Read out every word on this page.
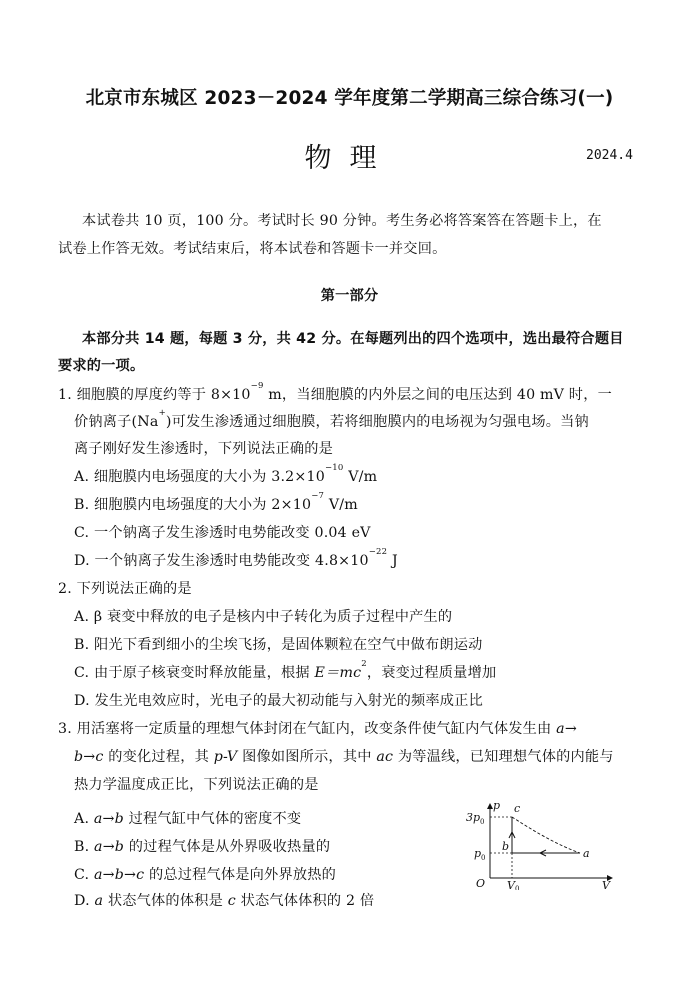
北京市东城区 2023－2024 学年度第二学期高三综合练习(一)
物理	2024.4
本试卷共 10 页，100 分。考试时长 90 分钟。考生务必将答案答在答题卡上，在
试卷上作答无效。考试结束后，将本试卷和答题卡一并交回。
第一部分
本部分共 14 题，每题 3 分，共 42 分。在每题列出的四个选项中，选出最符合题目
要求的一项。
1. 细胞膜的厚度约等于 $8\times 10^{-9}$ m，当细胞膜的内外层之间的电压达到 40 mV 时，一
价钠离子(Na+)可发生渗透通过细胞膜，若将细胞膜内的电场视为匀强电场。当钠
离子刚好发生渗透时，下列说法正确的是
A. 细胞膜内电场强度的大小为 $3.2\times 10^{-10}$ V/m
B. 细胞膜内电场强度的大小为 $2\times 10^{-7}$ V/m
C. 一个钠离子发生渗透时电势能改变 0.04 eV
D. 一个钠离子发生渗透时电势能改变 $4.8\times 10^{-22}$ J
2. 下列说法正确的是
A. β 衰变中释放的电子是核内中子转化为质子过程中产生的
B. 阳光下看到细小的尘埃飞扬，是固体颗粒在空气中做布朗运动
C. 由于原子核衰变时释放能量，根据 $E=mc^2$，衰变过程质量增加
D. 发生光电效应时，光电子的最大初动能与入射光的频率成正比
3. 用活塞将一定质量的理想气体封闭在气缸内，改变条件使气缸内气体发生由 a→
b→c 的变化过程，其 p-V 图像如图所示，其中 ac 为等温线，已知理想气体的内能与
热力学温度成正比，下列说法正确的是
A. a→b 过程气缸中气体的密度不变
B. a→b 的过程气体是从外界吸收热量的
C. a→b→c 的总过程气体是向外界放热的
D. a 状态气体的体积是 c 状态气体体积的 2 倍
p
V
O
$3p_0$
$p_0$
V0
c
b
a
